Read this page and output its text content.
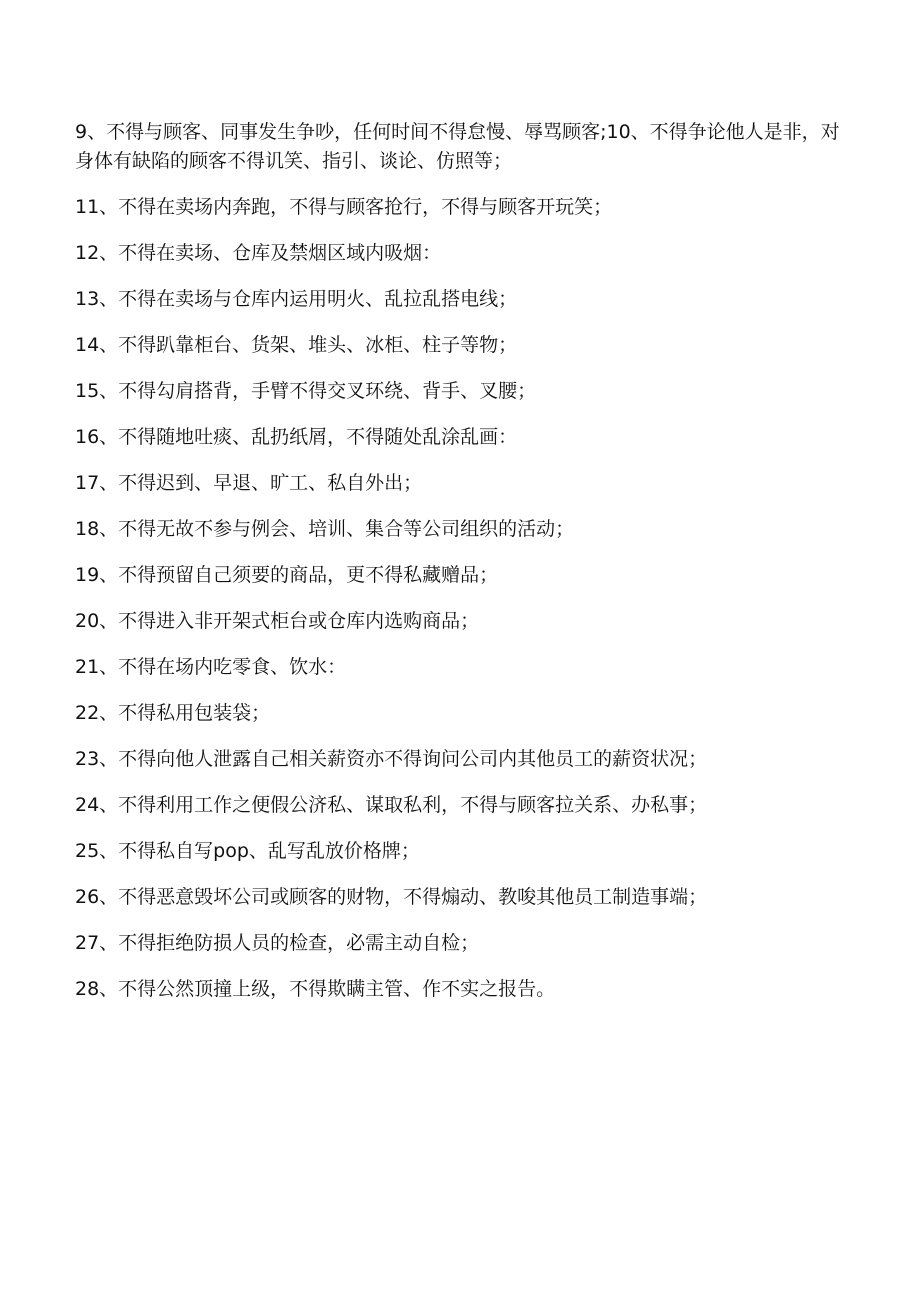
9、不得与顾客、同事发生争吵，任何时间不得怠慢、辱骂顾客;10、不得争论他人是非，对身体有缺陷的顾客不得讥笑、指引、谈论、仿照等；

11、不得在卖场内奔跑，不得与顾客抢行，不得与顾客开玩笑；

12、不得在卖场、仓库及禁烟区域内吸烟：

13、不得在卖场与仓库内运用明火、乱拉乱搭电线；

14、不得趴靠柜台、货架、堆头、冰柜、柱子等物；

15、不得勾肩搭背，手臂不得交叉环绕、背手、叉腰；

16、不得随地吐痰、乱扔纸屑，不得随处乱涂乱画：

17、不得迟到、早退、旷工、私自外出；

18、不得无故不参与例会、培训、集合等公司组织的活动；

19、不得预留自己须要的商品，更不得私藏赠品；

20、不得进入非开架式柜台或仓库内选购商品；

21、不得在场内吃零食、饮水：

22、不得私用包装袋；

23、不得向他人泄露自己相关薪资亦不得询问公司内其他员工的薪资状况；

24、不得利用工作之便假公济私、谋取私利，不得与顾客拉关系、办私事；

25、不得私自写pop、乱写乱放价格牌；

26、不得恶意毁坏公司或顾客的财物，不得煽动、教唆其他员工制造事端；

27、不得拒绝防损人员的检查，必需主动自检；

28、不得公然顶撞上级，不得欺瞒主管、作不实之报告。
